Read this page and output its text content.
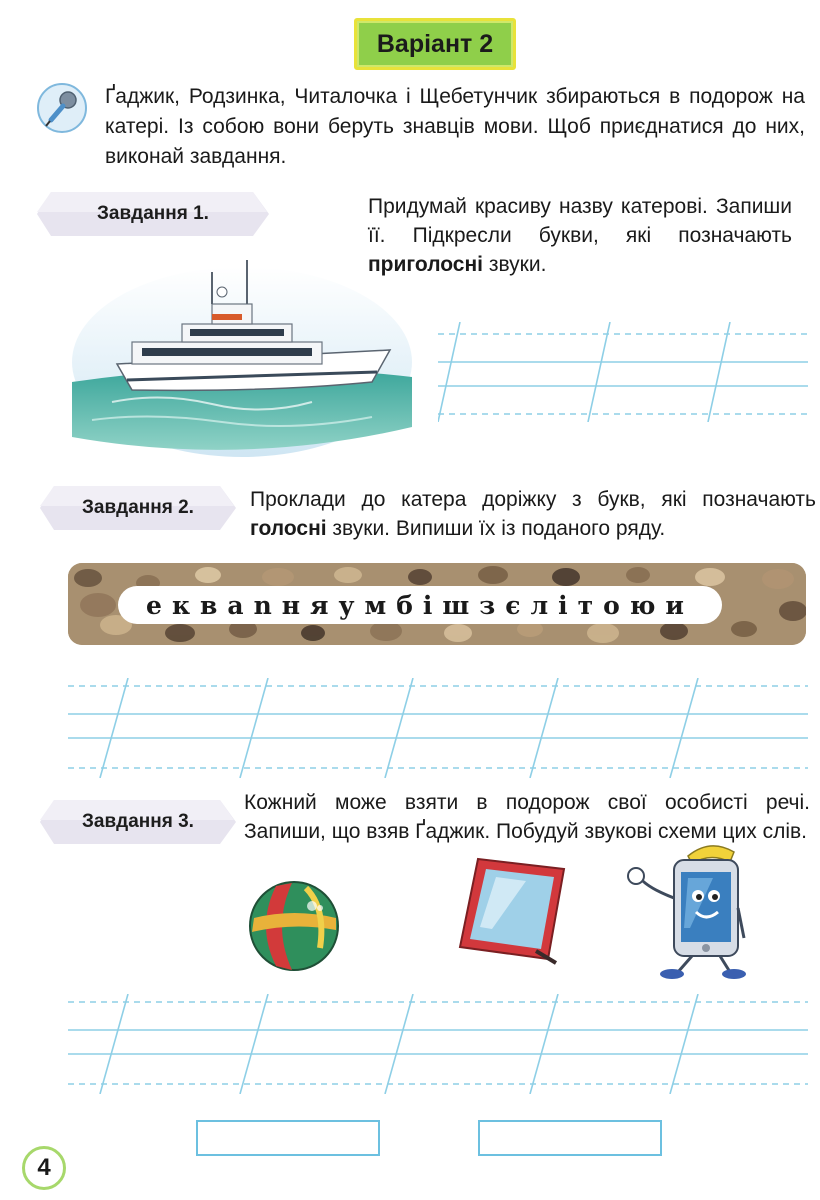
Варіант 2
Ґаджик, Родзинка, Читалочка і Щебетунчик збираються в подорож на катері. Із собою вони беруть знавців мови. Щоб приєднатися до них, виконай завдання.
Завдання 1.	Придумай красиву назву катерові. Запиши її. Підкресли букви, які позначають приголосні звуки.
Завдання 2.	Проклади до катера доріжку з букв, які позначають голосні звуки. Випиши їх із поданого ряду.
екваnняумбішзєлітоюи
Завдання 3.
Кожний може взяти в подорож свої особисті речі. Запиши, що взяв Ґаджик. Побудуй звукові схеми цих слів.
4
